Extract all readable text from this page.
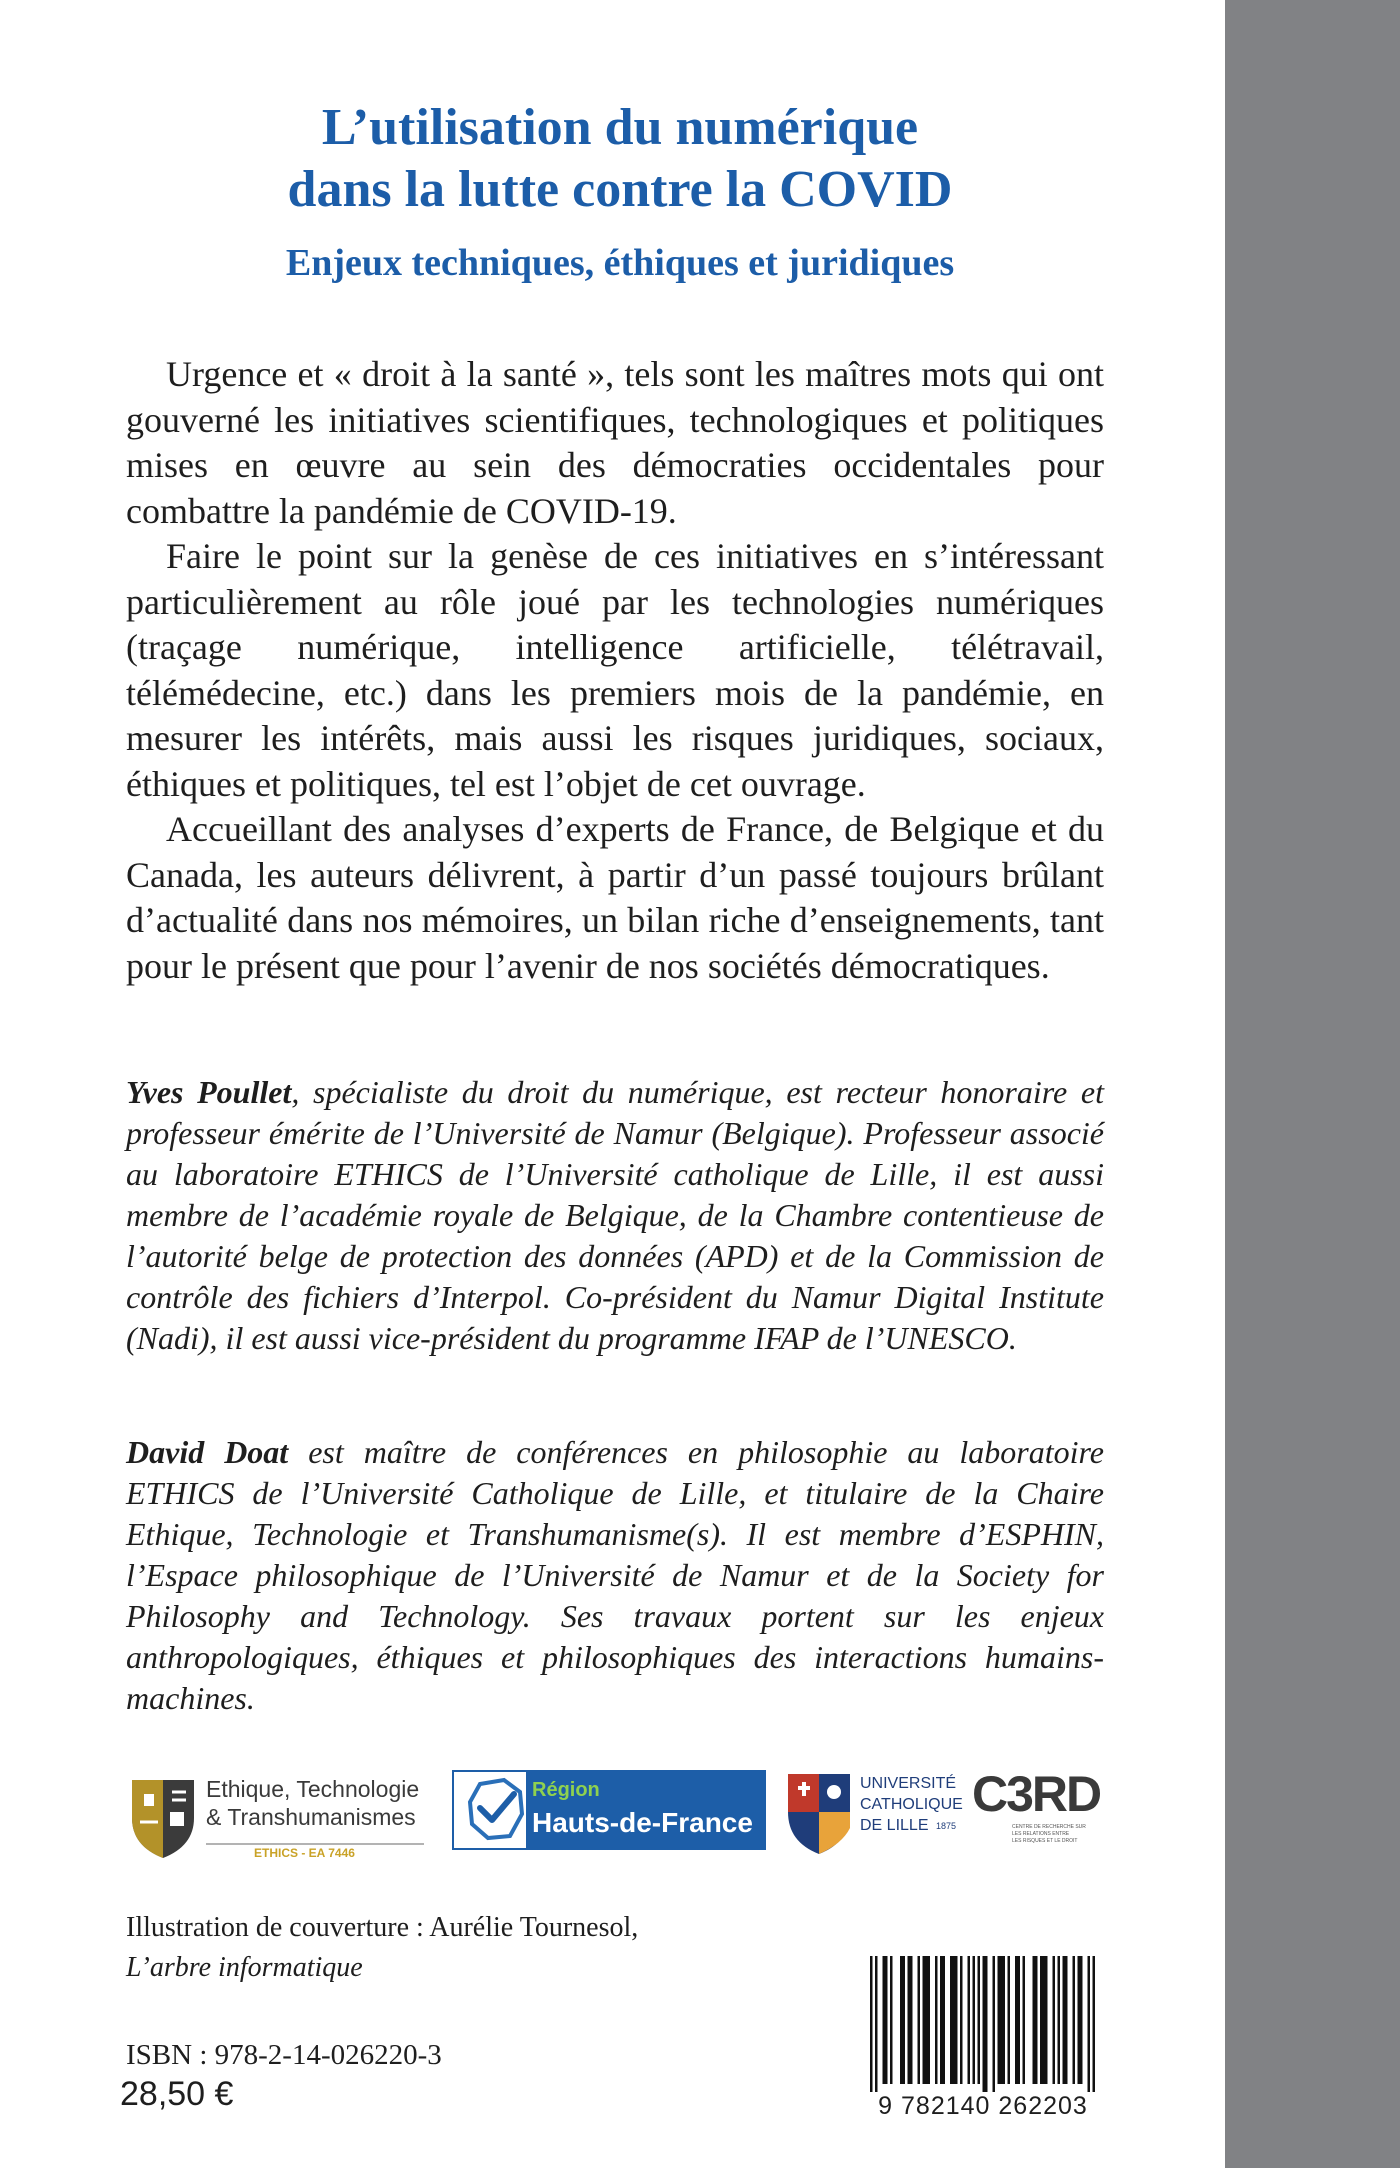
L’utilisation du numérique
dans la lutte contre la COVID
Enjeux techniques, éthiques et juridiques

Urgence et « droit à la santé », tels sont les maîtres mots qui ont gouverné les initiatives scientifiques, technologiques et politiques mises en œuvre au sein des démocraties occidentales pour combattre la pandémie de COVID-19.

Faire le point sur la genèse de ces initiatives en s’intéressant particulièrement au rôle joué par les technologies numériques (traçage numérique, intelligence artificielle, télétravail, télémédecine, etc.) dans les premiers mois de la pandémie, en mesurer les intérêts, mais aussi les risques juridiques, sociaux, éthiques et politiques, tel est l’objet de cet ouvrage.

Accueillant des analyses d’experts de France, de Belgique et du Canada, les auteurs délivrent, à partir d’un passé toujours brûlant d’actualité dans nos mémoires, un bilan riche d’enseignements, tant pour le présent que pour l’avenir de nos sociétés démocratiques.

Yves Poullet, spécialiste du droit du numérique, est recteur honoraire et professeur émérite de l’Université de Namur (Belgique). Professeur associé au laboratoire ETHICS de l’Université catholique de Lille, il est aussi membre de l’académie royale de Belgique, de la Chambre contentieuse de l’autorité belge de protection des données (APD) et de la Commission de contrôle des fichiers d’Interpol. Co-président du Namur Digital Institute (Nadi), il est aussi vice-président du programme IFAP de l’UNESCO.

David Doat est maître de conférences en philosophie au laboratoire ETHICS de l’Université Catholique de Lille, et titulaire de la Chaire Ethique, Technologie et Transhumanisme(s). Il est membre d’ESPHIN, l’Espace philosophique de l’Université de Namur et de la Society for Philosophy and Technology. Ses travaux portent sur les enjeux anthropologiques, éthiques et philosophiques des interactions humains-machines.

Ethique, Technologie
& Transhumanismes
ETHICS - EA 7446
Région
Hauts-de-France
UNIVERSITÉ
CATHOLIQUE
DE LILLE 1875
C3RD
CENTRE DE RECHERCHE SUR
LES RELATIONS ENTRE
LES RISQUES ET LE DROIT

Illustration de couverture : Aurélie Tournesol,

L’arbre informatique

ISBN : 978-2-14-026220-3
28,50 €	9 782140 262203
